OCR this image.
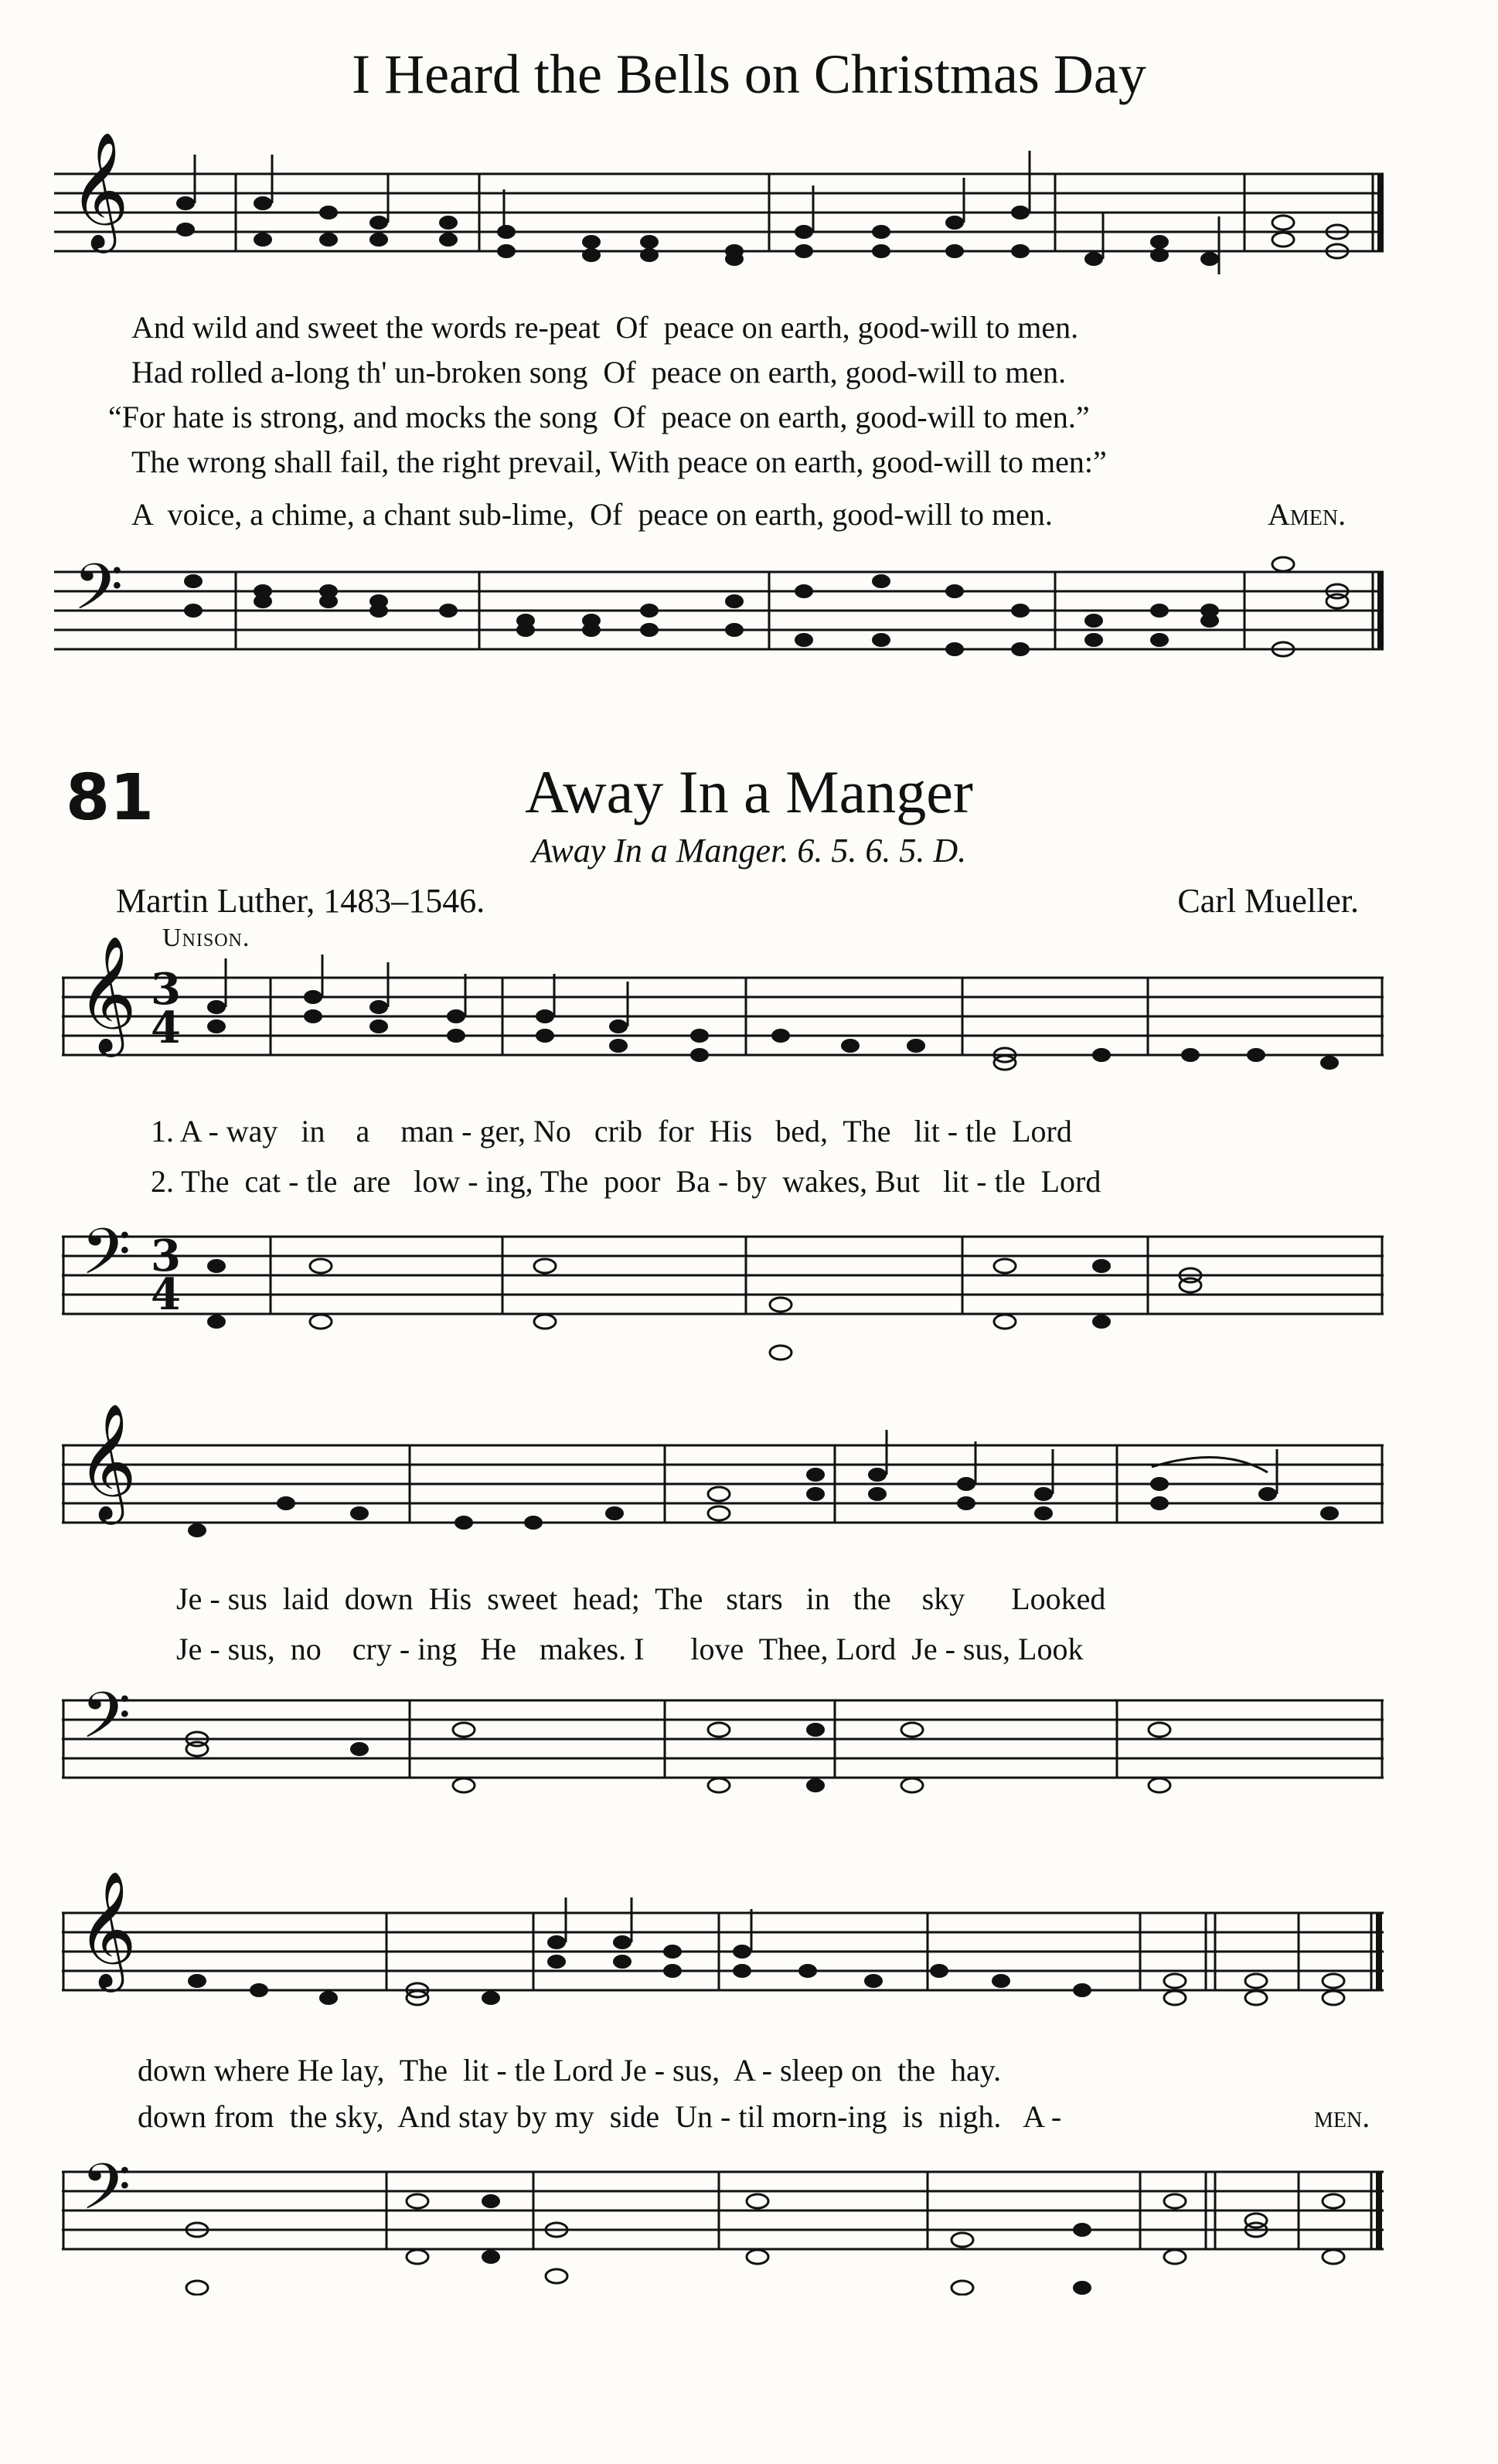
I Heard the Bells on Christmas Day
𝄞
And wild and sweet the words re-peat  Of  peace on earth, good-will to men.
Had rolled a-long th' un-broken song  Of  peace on earth, good-will to men.
“For hate is strong, and mocks the song  Of  peace on earth, good-will to men.”
The wrong shall fail, the right prevail, With peace on earth, good-will to men:”
A  voice, a chime, a chant sub-lime,  Of  peace on earth, good-will to men.	Amen.
𝄢
81	Away In a Manger
Away In a Manger. 6. 5. 6. 5. D.
Martin Luther, 1483–1546.	Carl Mueller.
Unison.
𝄞 3
4
1. A - way   in    a    man - ger, No   crib  for  His   bed,  The   lit - tle  Lord
2. The  cat - tle  are   low - ing, The  poor  Ba - by  wakes, But   lit - tle  Lord
𝄢 3
4
𝄞
Je - sus  laid  down  His  sweet  head;  The   stars   in   the    sky      Looked
Je - sus,  no    cry - ing   He   makes. I      love  Thee, Lord  Je - sus, Look
𝄢
𝄞
down where He lay,  The  lit - tle Lord Je - sus,  A - sleep on  the  hay.
down from  the sky,  And stay by my  side  Un - til morn-ing  is  nigh.   A -	men.
𝄢
